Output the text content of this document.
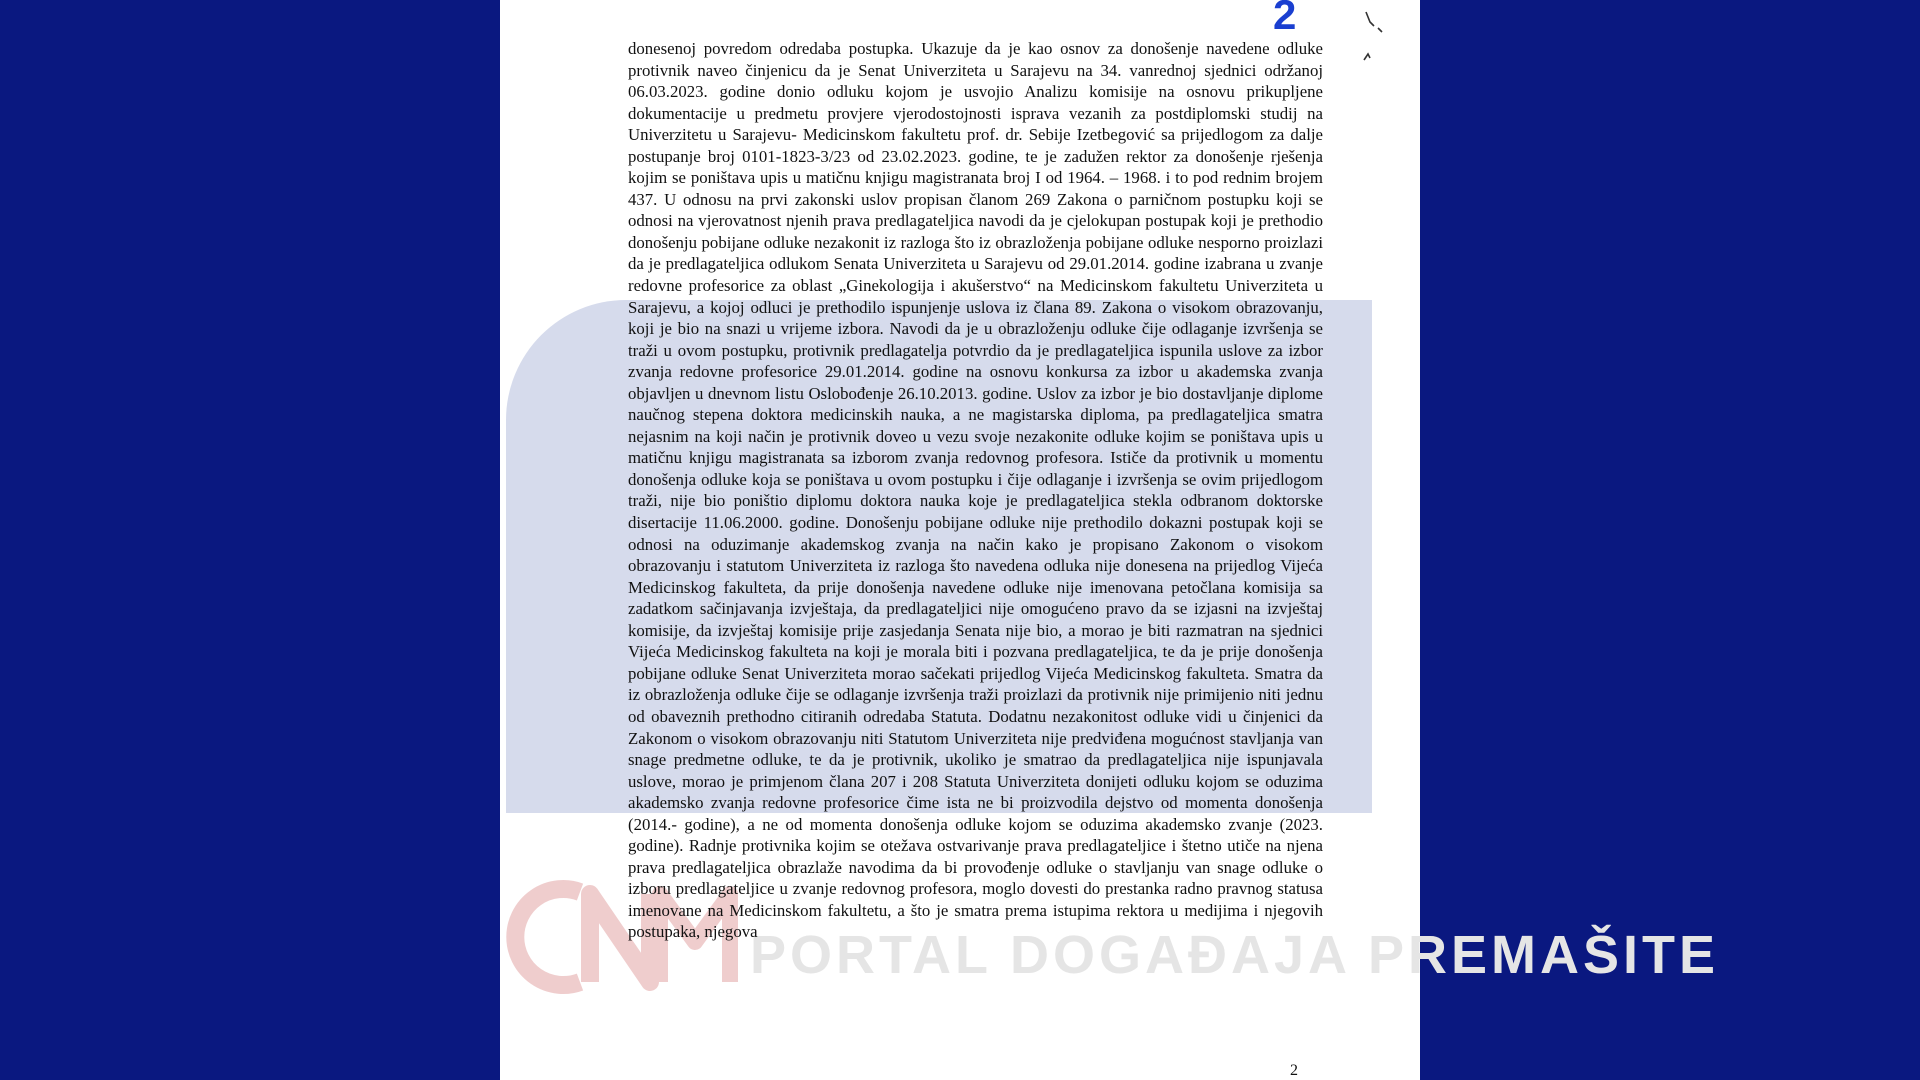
PORTAL DOGAĐAJA PREMAŠITE
2

donesenoj povredom odredaba postupka. Ukazuje da je kao osnov za donošenje navedene odluke protivnik naveo činjenicu da je Senat Univerziteta u Sarajevu na 34. vanrednoj sjednici održanoj 06.03.2023. godine donio odluku kojom je usvojio Analizu komisije na osnovu prikupljene dokumentacije u predmetu provjere vjerodostojnosti isprava vezanih za postdiplomski studij na Univerzitetu u Sarajevu- Medicinskom fakultetu prof. dr. Sebije Izetbegović sa prijedlogom za dalje postupanje broj 0101-1823-3/23 od 23.02.2023. godine, te je zadužen rektor za donošenje rješenja kojim se poništava upis u matičnu knjigu magistranata broj I od 1964. – 1968. i to pod rednim brojem 437. U odnosu na prvi zakonski uslov propisan članom 269 Zakona o parničnom postupku koji se odnosi na vjerovatnost njenih prava predlagateljica navodi da je cjelokupan postupak koji je prethodio donošenju pobijane odluke nezakonit iz razloga što iz obrazloženja pobijane odluke nesporno proizlazi da je predlagateljica odlukom Senata Univerziteta u Sarajevu od 29.01.2014. godine izabrana u zvanje redovne profesorice za oblast „Ginekologija i akušerstvo“ na Medicinskom fakultetu Univerziteta u Sarajevu, a kojoj odluci je prethodilo ispunjenje uslova iz člana 89. Zakona o visokom obrazovanju, koji je bio na snazi u vrijeme izbora. Navodi da je u obrazloženju odluke čije odlaganje izvršenja se traži u ovom postupku, protivnik predlagatelja potvrdio da je predlagateljica ispunila uslove za izbor zvanja redovne profesorice 29.01.2014. godine na osnovu konkursa za izbor u akademska zvanja objavljen u dnevnom listu Oslobođenje 26.10.2013. godine. Uslov za izbor je bio dostavljanje diplome naučnog stepena doktora medicinskih nauka, a ne magistarska diploma, pa predlagateljica smatra nejasnim na koji način je protivnik doveo u vezu svoje nezakonite odluke kojim se poništava upis u matičnu knjigu magistranata sa izborom zvanja redovnog profesora. Ističe da protivnik u momentu donošenja odluke koja se poništava u ovom postupku i čije odlaganje i izvršenja se ovim prijedlogom traži, nije bio poništio diplomu doktora nauka koje je predlagateljica stekla odbranom doktorske disertacije 11.06.2000. godine. Donošenju pobijane odluke nije prethodilo dokazni postupak koji se odnosi na oduzimanje akademskog zvanja na način kako je propisano Zakonom o visokom obrazovanju i statutom Univerziteta iz razloga što navedena odluka nije donesena na prijedlog Vijeća Medicinskog fakulteta, da prije donošenja navedene odluke nije imenovana petočlana komisija sa zadatkom sačinjavanja izvještaja, da predlagateljici nije omogućeno pravo da se izjasni na izvještaj komisije, da izvještaj komisije prije zasjedanja Senata nije bio, a morao je biti razmatran na sjednici Vijeća Medicinskog fakulteta na koji je morala biti i pozvana predlagateljica, te da je prije donošenja pobijane odluke Senat Univerziteta morao sačekati prijedlog Vijeća Medicinskog fakulteta. Smatra da iz obrazloženja odluke čije se odlaganje izvršenja traži proizlazi da protivnik nije primijenio niti jednu od obaveznih prethodno citiranih odredaba Statuta. Dodatnu nezakonitost odluke vidi u činjenici da Zakonom o visokom obrazovanju niti Statutom Univerziteta nije predviđena mogućnost stavljanja van snage predmetne odluke, te da je protivnik, ukoliko je smatrao da predlagateljica nije ispunjavala uslove, morao je primjenom člana 207 i 208 Statuta Univerziteta donijeti odluku kojom se oduzima akademsko zvanja redovne profesorice čime ista ne bi proizvodila dejstvo od momenta donošenja (2014.- godine), a ne od momenta donošenja odluke kojom se oduzima akademsko zvanje (2023. godine). Radnje protivnika kojim se otežava ostvarivanje prava predlagateljice i štetno utiče na njena prava predlagateljica obrazlaže navodima da bi provođenje odluke o stavljanju van snage odluke o izboru predlagateljice u zvanje redovnog profesora, moglo dovesti do prestanka radno pravnog statusa imenovane na Medicinskom fakultetu, a što je smatra prema istupima rektora u medijima i njegovih postupaka, njegova

2
